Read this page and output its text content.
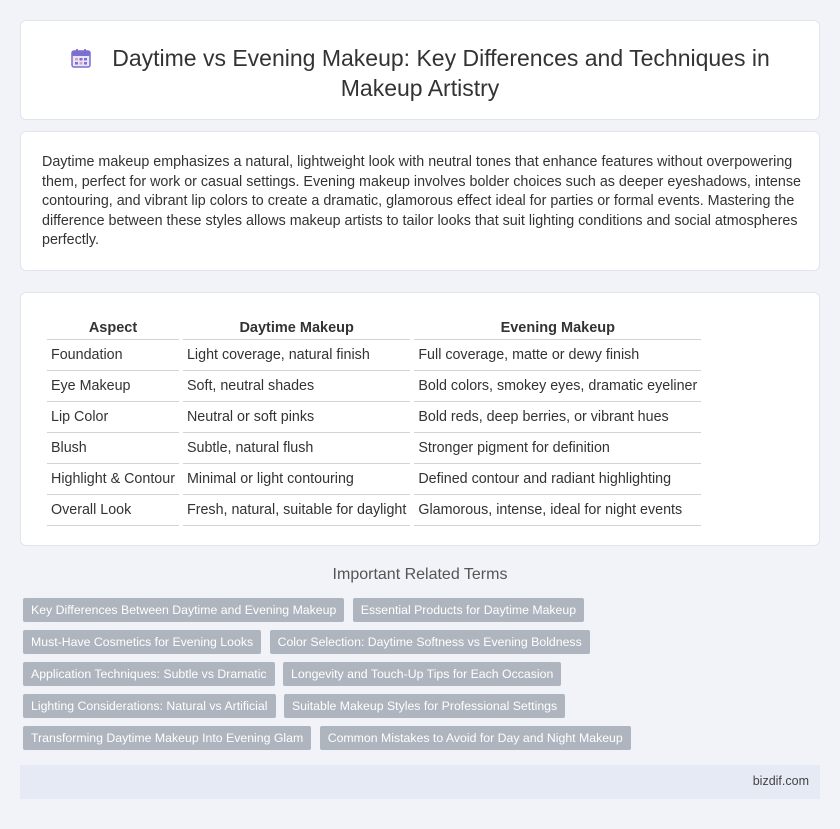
Daytime vs Evening Makeup: Key Differences and Techniques in Makeup Artistry

Daytime makeup emphasizes a natural, lightweight look with neutral tones that enhance features without overpowering them, perfect for work or casual settings. Evening makeup involves bolder choices such as deeper eyeshadows, intense contouring, and vibrant lip colors to create a dramatic, glamorous effect ideal for parties or formal events. Mastering the difference between these styles allows makeup artists to tailor looks that suit lighting conditions and social atmospheres perfectly.

Aspect	Daytime Makeup	Evening Makeup
Foundation	Light coverage, natural finish	Full coverage, matte or dewy finish
Eye Makeup	Soft, neutral shades	Bold colors, smokey eyes, dramatic eyeliner
Lip Color	Neutral or soft pinks	Bold reds, deep berries, or vibrant hues
Blush	Subtle, natural flush	Stronger pigment for definition
Highlight & Contour	Minimal or light contouring	Defined contour and radiant highlighting
Overall Look	Fresh, natural, suitable for daylight	Glamorous, intense, ideal for night events
Important Related Terms
Key Differences Between Daytime and Evening Makeup Essential Products for Daytime Makeup Must-Have Cosmetics for Evening Looks Color Selection: Daytime Softness vs Evening Boldness Application Techniques: Subtle vs Dramatic Longevity and Touch-Up Tips for Each Occasion Lighting Considerations: Natural vs Artificial Suitable Makeup Styles for Professional Settings Transforming Daytime Makeup Into Evening Glam Common Mistakes to Avoid for Day and Night Makeup
bizdif.com
